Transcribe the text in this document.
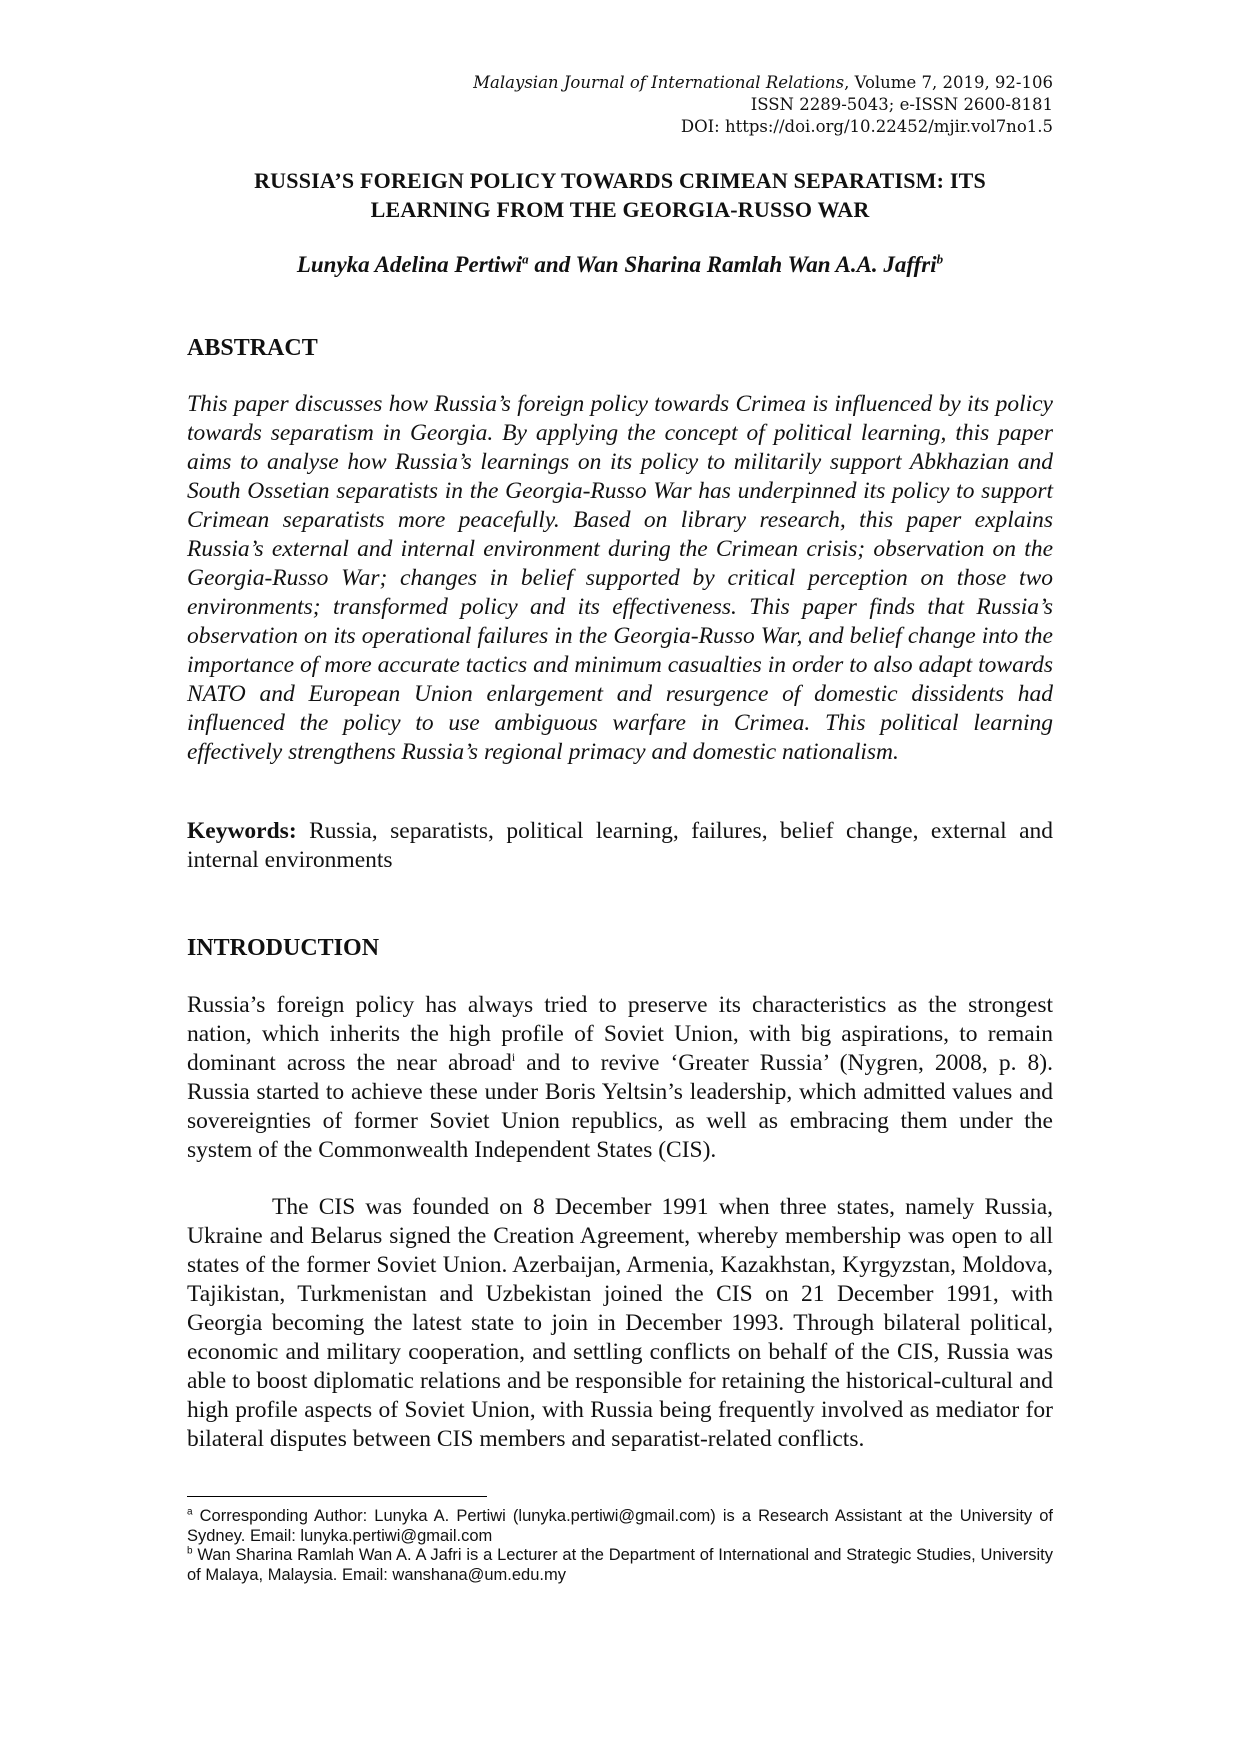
Malaysian Journal of International Relations, Volume 7, 2019, 92-106
ISSN 2289-5043; e-ISSN 2600-8181
DOI: https://doi.org/10.22452/mjir.vol7no1.5
RUSSIA’S FOREIGN POLICY TOWARDS CRIMEAN SEPARATISM: ITS
LEARNING FROM THE GEORGIA-RUSSO WAR
Lunyka Adelina Pertiwi$^a$ and Wan Sharina Ramlah Wan A.A. Jaffri$^b$
ABSTRACT
This paper discusses how Russia’s foreign policy towards Crimea is influenced by its policy towards separatism in Georgia. By applying the concept of political learning, this paper aims to analyse how Russia’s learnings on its policy to militarily support Abkhazian and South Ossetian separatists in the Georgia-Russo War has underpinned its policy to support Crimean separatists more peacefully. Based on library research, this paper explains Russia’s external and internal environment during the Crimean crisis; observation on the Georgia-Russo War; changes in belief supported by critical perception on those two environments; transformed policy and its effectiveness. This paper finds that Russia’s observation on its operational failures in the Georgia-Russo War, and belief change into the importance of more accurate tactics and minimum casualties in order to also adapt towards NATO and European Union enlargement and resurgence of domestic dissidents had influenced the policy to use ambiguous warfare in Crimea. This political learning effectively strengthens Russia’s regional primacy and domestic nationalism.
Keywords: Russia, separatists, political learning, failures, belief change, external and internal environments
INTRODUCTION
Russia’s foreign policy has always tried to preserve its characteristics as the strongest nation, which inherits the high profile of Soviet Union, with big aspirations, to remain dominant across the near abroad$^i$ and to revive ‘Greater Russia’ (Nygren, 2008, p. 8). Russia started to achieve these under Boris Yeltsin’s leadership, which admitted values and sovereignties of former Soviet Union republics, as well as embracing them under the system of the Commonwealth Independent States (CIS).
The CIS was founded on 8 December 1991 when three states, namely Russia, Ukraine and Belarus signed the Creation Agreement, whereby membership was open to all states of the former Soviet Union. Azerbaijan, Armenia, Kazakhstan, Kyrgyzstan, Moldova, Tajikistan, Turkmenistan and Uzbekistan joined the CIS on 21 December 1991, with Georgia becoming the latest state to join in December 1993. Through bilateral political, economic and military cooperation, and settling conflicts on behalf of the CIS, Russia was able to boost diplomatic relations and be responsible for retaining the historical-cultural and high profile aspects of Soviet Union, with Russia being frequently involved as mediator for bilateral disputes between CIS members and separatist-related conflicts.

$^a$ Corresponding Author: Lunyka A. Pertiwi (lunyka.pertiwi@gmail.com) is a Research Assistant at the University of Sydney. Email: lunyka.pertiwi@gmail.com

$^b$ Wan Sharina Ramlah Wan A. A Jafri is a Lecturer at the Department of International and Strategic Studies, University of Malaya, Malaysia. Email: wanshana@um.edu.my
